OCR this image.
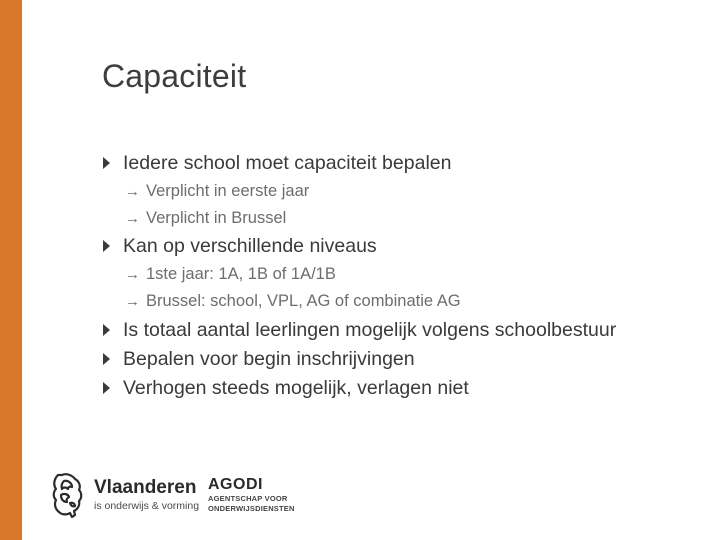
Capaciteit
Iedere school moet capaciteit bepalen
→ Verplicht in eerste jaar
→ Verplicht in Brussel
Kan op verschillende niveaus
→ 1ste jaar: 1A, 1B of 1A/1B
→ Brussel: school, VPL, AG of combinatie AG
Is totaal aantal leerlingen mogelijk volgens schoolbestuur
Bepalen voor begin inschrijvingen
Verhogen steeds mogelijk, verlagen niet
Vlaanderen
is onderwijs & vorming
AGODI
AGENTSCHAP VOOR
ONDERWIJSDIENSTEN
